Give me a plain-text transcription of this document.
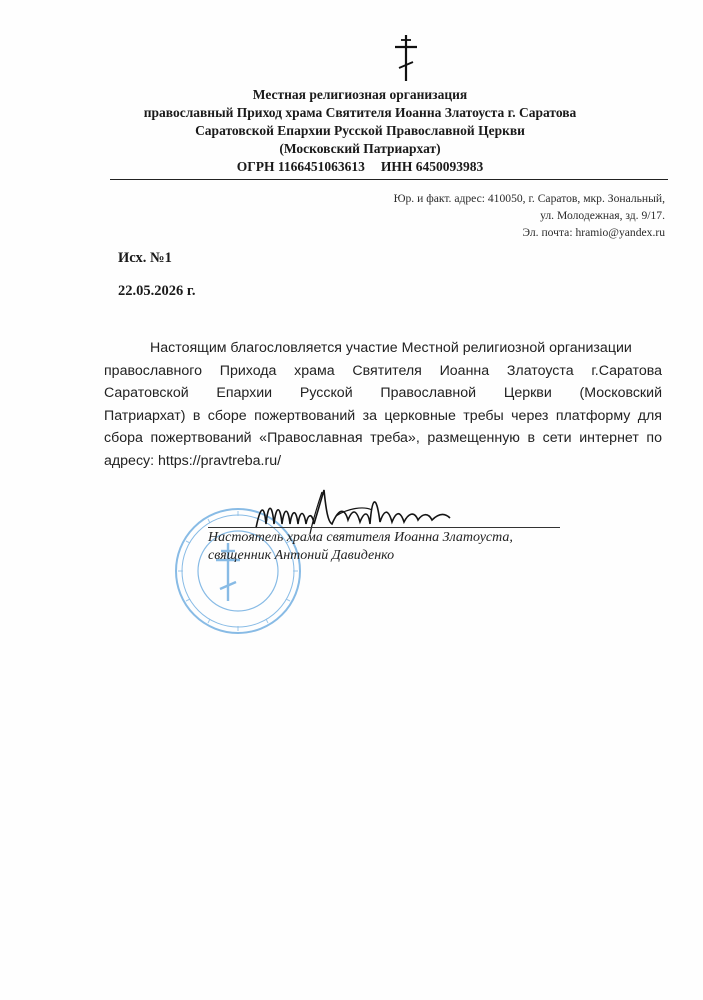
Местная религиозная организация
православный Приход храма Святителя Иоанна Златоуста г. Саратова
Саратовской Епархии Русской Православной Церкви
(Московский Патриархат)
ОГРН 1166451063613 ИНН 6450093983
Юр. и факт. адрес: 410050, г. Саратов, мкр. Зональный,
ул. Молодежная, зд. 9/17.
Эл. почта: hramio@yandex.ru
Исх. №1
22.05.2026 г.
Настоящим благословляется участие Местной религиозной организации
православного Прихода храма Святителя Иоанна Златоуста г.Саратова
Саратовской Епархии Русской Православной Церкви (Московский
Патриархат) в сборе пожертвований за церковные требы через платформу для
сбора пожертвований «Православная треба», размещенную в сети интернет по
адресу: https://pravtreba.ru/
Настоятель храма святителя Иоанна Златоуста,
священник Антоний Давиденко
